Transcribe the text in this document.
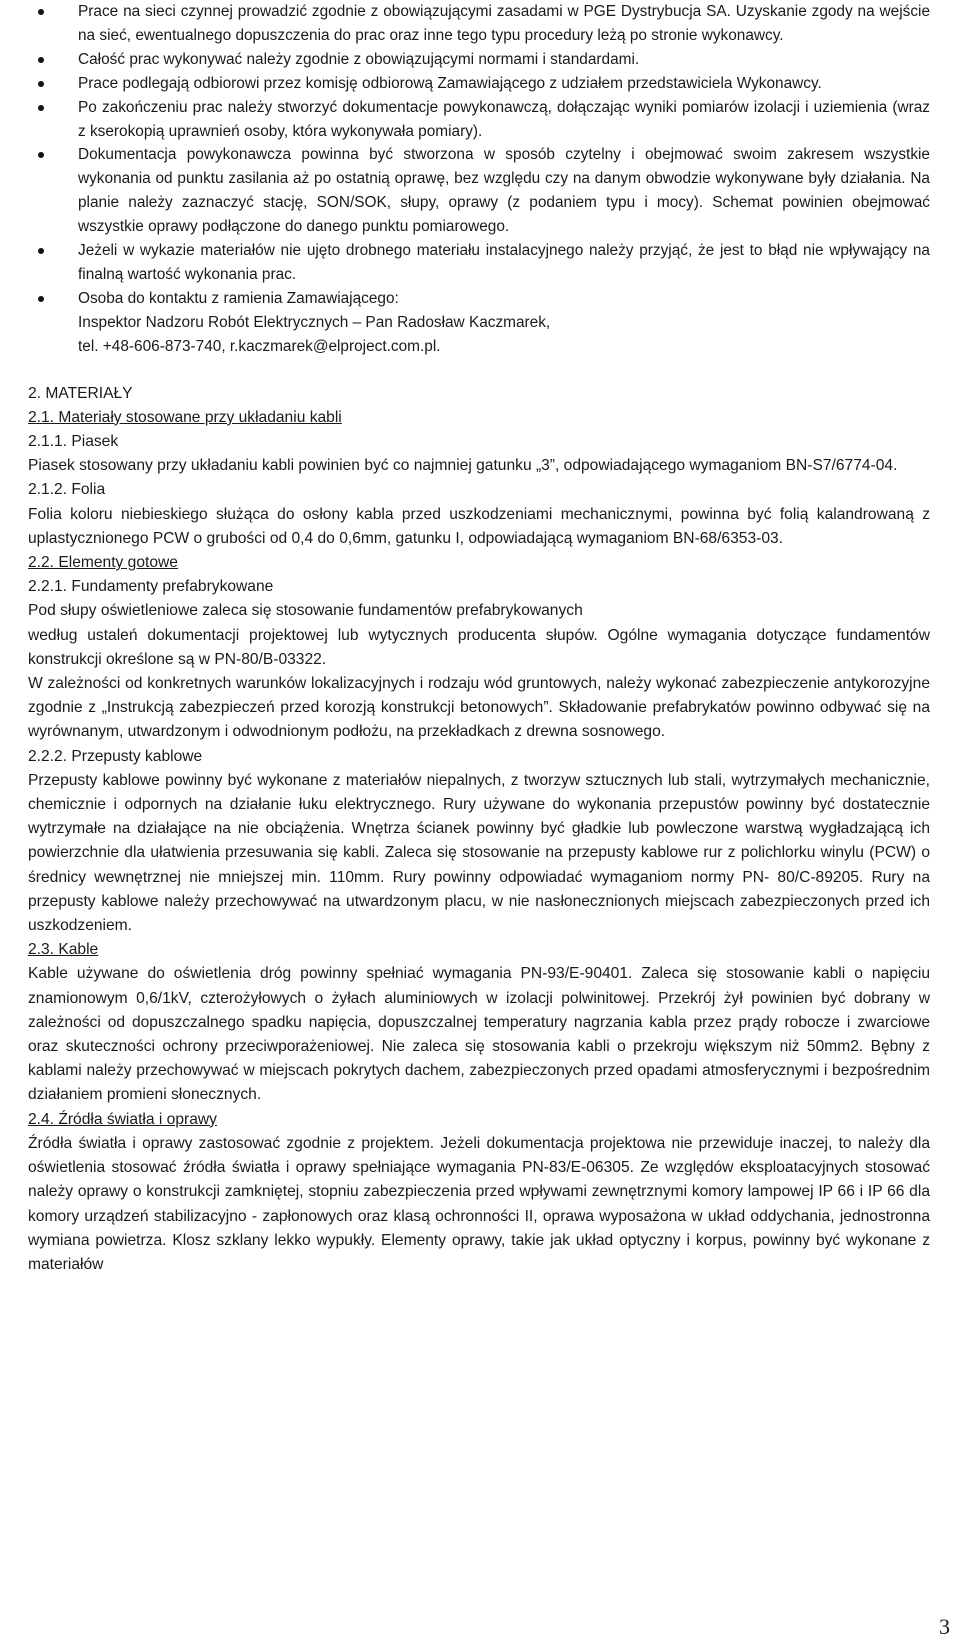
Prace na sieci czynnej prowadzić zgodnie z obowiązującymi zasadami w PGE Dystrybucja SA. Uzyskanie zgody na wejście na sieć, ewentualnego dopuszczenia do prac oraz inne tego typu procedury leżą po stronie wykonawcy.
Całość prac wykonywać należy zgodnie z obowiązującymi normami i standardami.
Prace podlegają odbiorowi przez komisję odbiorową Zamawiającego z udziałem przedstawiciela Wykonawcy.
Po zakończeniu prac należy stworzyć dokumentacje powykonawczą, dołączając wyniki pomiarów izolacji i uziemienia (wraz z kserokopią uprawnień osoby, która wykonywała pomiary).
Dokumentacja powykonawcza powinna być stworzona w sposób czytelny i obejmować swoim zakresem wszystkie wykonania od punktu zasilania aż po ostatnią oprawę, bez względu czy na danym obwodzie wykonywane były działania. Na planie należy zaznaczyć stację, SON/SOK, słupy, oprawy (z podaniem typu i mocy). Schemat powinien obejmować wszystkie oprawy podłączone do danego punktu pomiarowego.
Jeżeli w wykazie materiałów nie ujęto drobnego materiału instalacyjnego należy przyjąć, że jest to błąd nie wpływający na finalną wartość wykonania prac.
Osoba do kontaktu z ramienia Zamawiającego:
Inspektor Nadzoru Robót Elektrycznych – Pan Radosław Kaczmarek,
tel. +48-606-873-740, r.kaczmarek@elproject.com.pl.

2. MATERIAŁY

2.1. Materiały stosowane przy układaniu kabli

2.1.1. Piasek

Piasek stosowany przy układaniu kabli powinien być co najmniej gatunku „3”, odpowiadającego wymaganiom BN-S7/6774-04.

2.1.2. Folia

Folia koloru niebieskiego służąca do osłony kabla przed uszkodzeniami mechanicznymi, powinna być folią kalandrowaną z uplastycznionego PCW o grubości od 0,4 do 0,6mm, gatunku I, odpowiadającą wymaganiom BN-68/6353-03.

2.2. Elementy gotowe

2.2.1. Fundamenty prefabrykowane

Pod słupy oświetleniowe zaleca się stosowanie fundamentów prefabrykowanych

według ustaleń dokumentacji projektowej lub wytycznych producenta słupów. Ogólne wymagania dotyczące fundamentów konstrukcji określone są w PN-80/B-03322.

W zależności od konkretnych warunków lokalizacyjnych i rodzaju wód gruntowych, należy wykonać zabezpieczenie antykorozyjne zgodnie z „Instrukcją zabezpieczeń przed korozją konstrukcji betonowych”. Składowanie prefabrykatów powinno odbywać się na wyrównanym, utwardzonym i odwodnionym podłożu, na przekładkach z drewna sosnowego.

2.2.2. Przepusty kablowe

Przepusty kablowe powinny być wykonane z materiałów niepalnych, z tworzyw sztucznych lub stali, wytrzymałych mechanicznie, chemicznie i odpornych na działanie łuku elektrycznego. Rury używane do wykonania przepustów powinny być dostatecznie wytrzymałe na działające na nie obciążenia. Wnętrza ścianek powinny być gładkie lub powleczone warstwą wygładzającą ich powierzchnie dla ułatwienia przesuwania się kabli. Zaleca się stosowanie na przepusty kablowe rur z polichlorku winylu (PCW) o średnicy wewnętrznej nie mniejszej min. 110mm. Rury powinny odpowiadać wymaganiom normy PN- 80/C-89205. Rury na przepusty kablowe należy przechowywać na utwardzonym placu, w nie nasłonecznionych miejscach zabezpieczonych przed ich uszkodzeniem.

2.3. Kable

Kable używane do oświetlenia dróg powinny spełniać wymagania PN-93/E-90401. Zaleca się stosowanie kabli o napięciu znamionowym 0,6/1kV, czterożyłowych o żyłach aluminiowych w izolacji polwinitowej. Przekrój żył powinien być dobrany w zależności od dopuszczalnego spadku napięcia, dopuszczalnej temperatury nagrzania kabla przez prądy robocze i zwarciowe oraz skuteczności ochrony przeciwporażeniowej. Nie zaleca się stosowania kabli o przekroju większym niż 50mm2. Bębny z kablami należy przechowywać w miejscach pokrytych dachem, zabezpieczonych przed opadami atmosferycznymi i bezpośrednim działaniem promieni słonecznych.

2.4. Źródła światła i oprawy

Źródła światła i oprawy zastosować zgodnie z projektem. Jeżeli dokumentacja projektowa nie przewiduje inaczej, to należy dla oświetlenia stosować źródła światła i oprawy spełniające wymagania PN-83/E-06305. Ze względów eksploatacyjnych stosować należy oprawy o konstrukcji zamkniętej, stopniu zabezpieczenia przed wpływami zewnętrznymi komory lampowej IP 66 i IP 66 dla komory urządzeń stabilizacyjno - zapłonowych oraz klasą ochronności II, oprawa wyposażona w układ oddychania, jednostronna wymiana powietrza. Klosz szklany lekko wypukły. Elementy oprawy, takie jak układ optyczny i korpus, powinny być wykonane z materiałów

3
